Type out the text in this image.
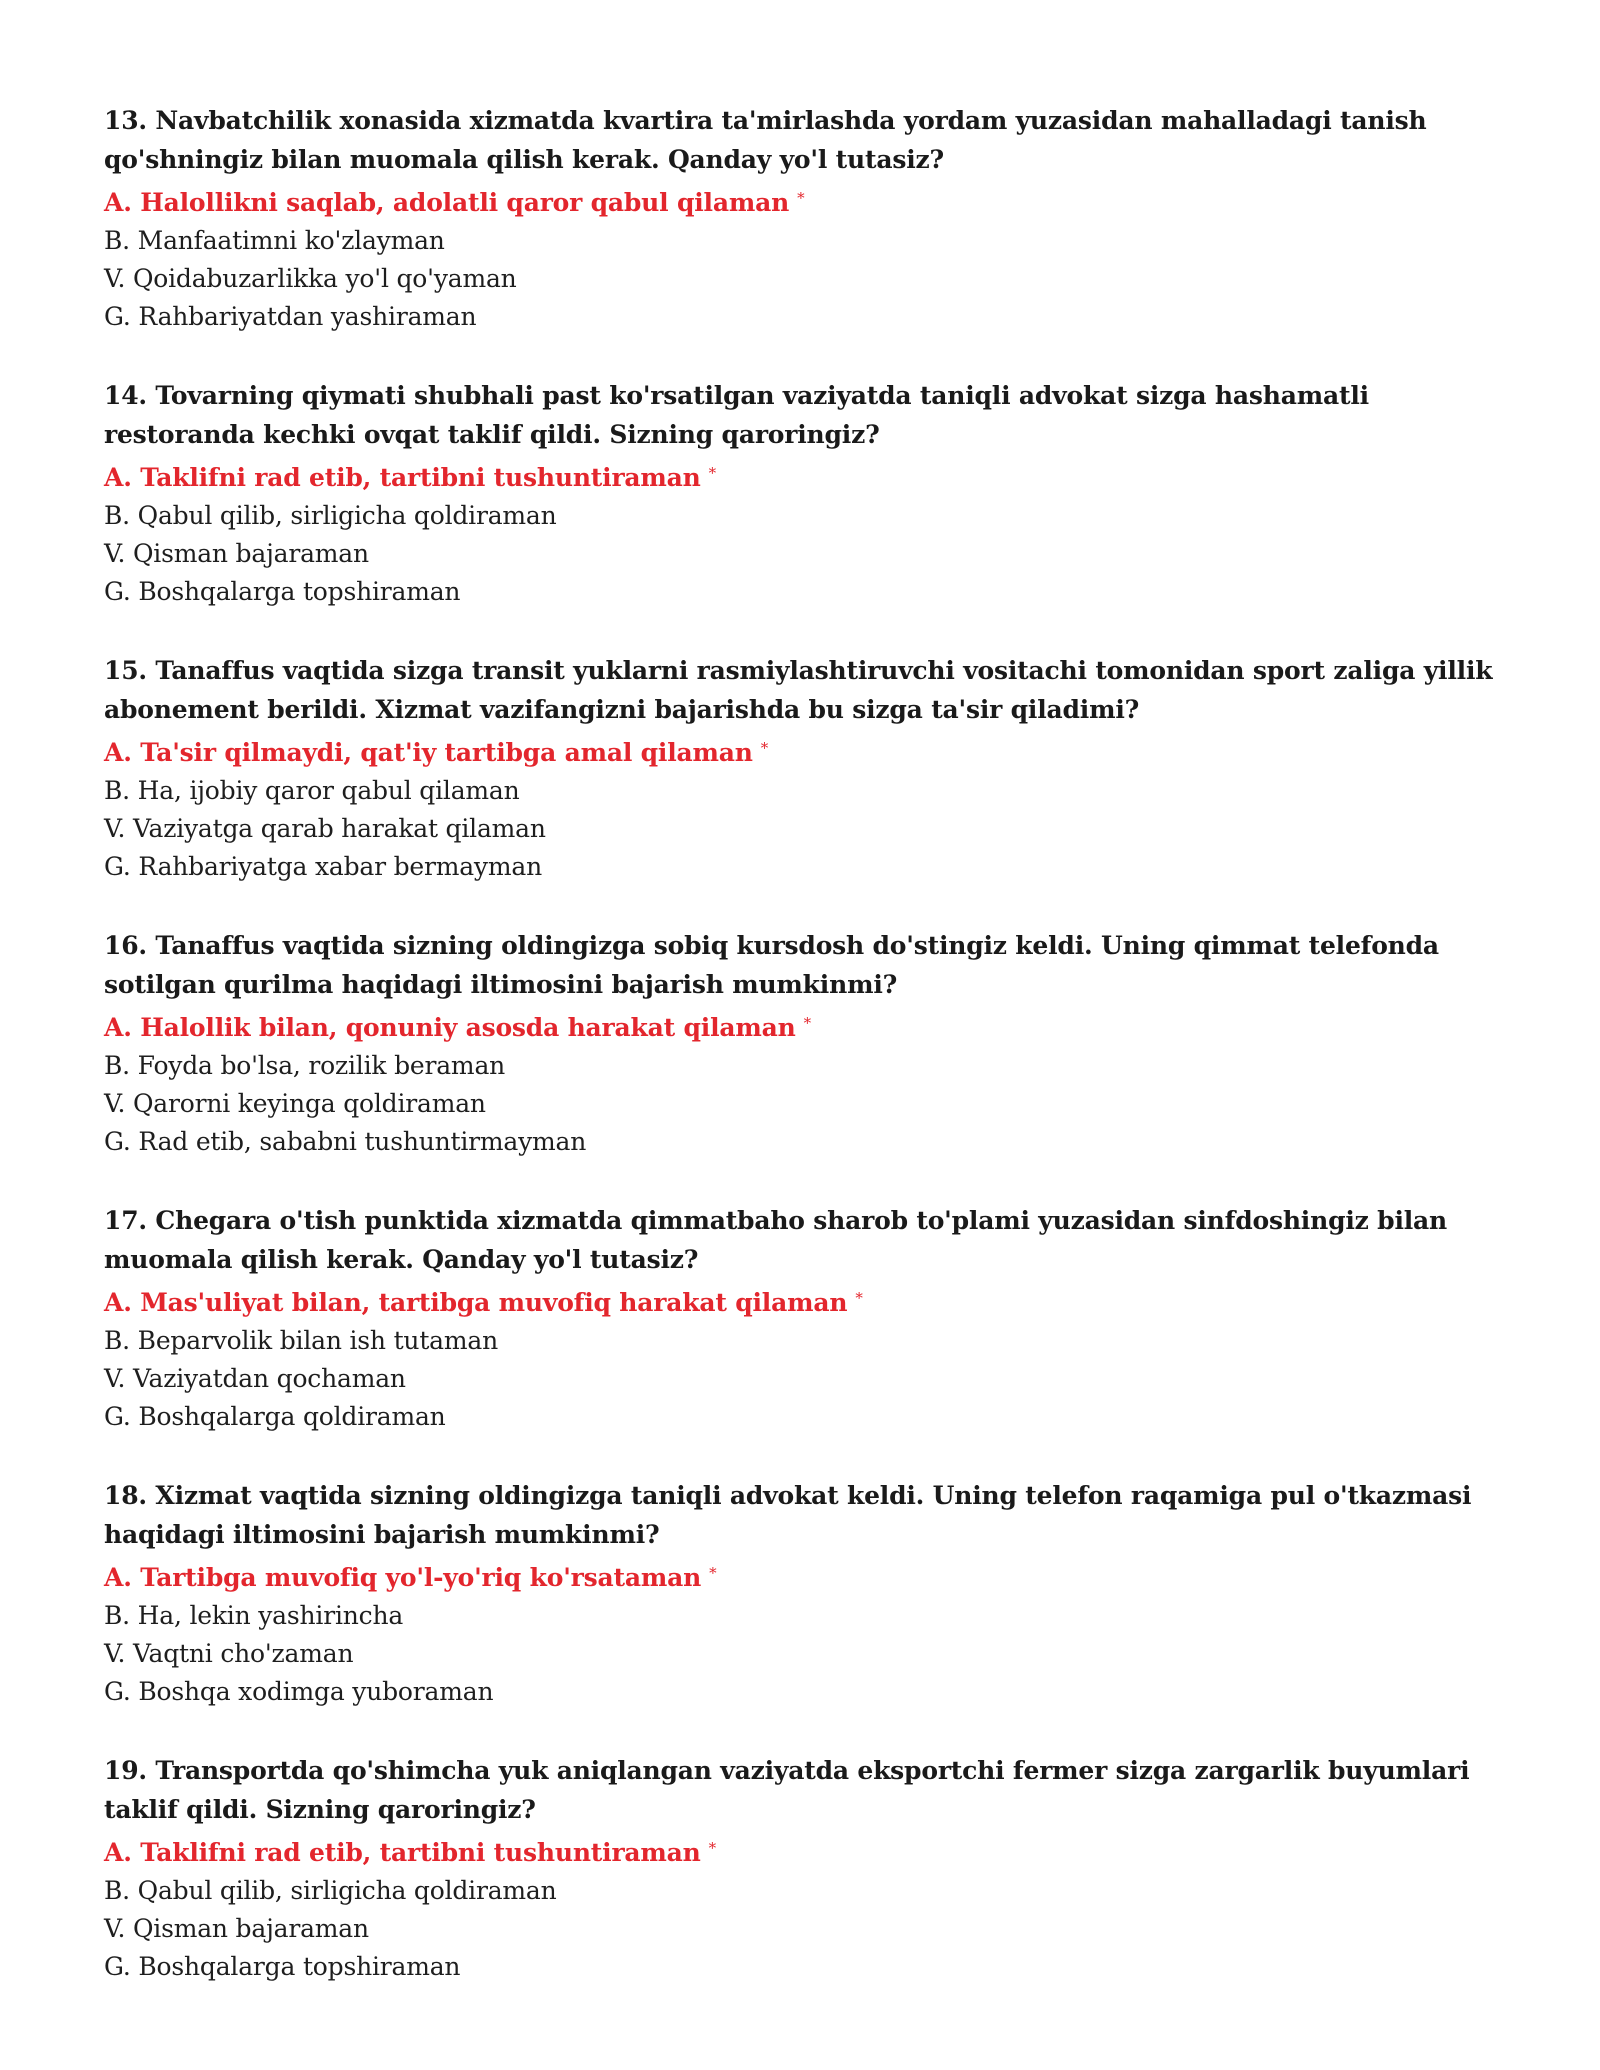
13. Navbatchilik xonasida xizmatda kvartira ta'mirlashda yordam yuzasidan mahalladagi tanish qo'shningiz bilan muomala qilish kerak. Qanday yo'l tutasiz?

A. Halollikni saqlab, adolatli qaror qabul qilaman *

B. Manfaatimni ko'zlayman

V. Qoidabuzarlikka yo'l qo'yaman

G. Rahbariyatdan yashiraman

14. Tovarning qiymati shubhali past ko'rsatilgan vaziyatda taniqli advokat sizga hashamatli restoranda kechki ovqat taklif qildi. Sizning qaroringiz?

A. Taklifni rad etib, tartibni tushuntiraman *

B. Qabul qilib, sirligicha qoldiraman

V. Qisman bajaraman

G. Boshqalarga topshiraman

15. Tanaffus vaqtida sizga transit yuklarni rasmiylashtiruvchi vositachi tomonidan sport zaliga yillik abonement berildi. Xizmat vazifangizni bajarishda bu sizga ta'sir qiladimi?

A. Ta'sir qilmaydi, qat'iy tartibga amal qilaman *

B. Ha, ijobiy qaror qabul qilaman

V. Vaziyatga qarab harakat qilaman

G. Rahbariyatga xabar bermayman

16. Tanaffus vaqtida sizning oldingizga sobiq kursdosh do'stingiz keldi. Uning qimmat telefonda sotilgan qurilma haqidagi iltimosini bajarish mumkinmi?

A. Halollik bilan, qonuniy asosda harakat qilaman *

B. Foyda bo'lsa, rozilik beraman

V. Qarorni keyinga qoldiraman

G. Rad etib, sababni tushuntirmayman

17. Chegara o'tish punktida xizmatda qimmatbaho sharob to'plami yuzasidan sinfdoshingiz bilan muomala qilish kerak. Qanday yo'l tutasiz?

A. Mas'uliyat bilan, tartibga muvofiq harakat qilaman *

B. Beparvolik bilan ish tutaman

V. Vaziyatdan qochaman

G. Boshqalarga qoldiraman

18. Xizmat vaqtida sizning oldingizga taniqli advokat keldi. Uning telefon raqamiga pul o'tkazmasi haqidagi iltimosini bajarish mumkinmi?

A. Tartibga muvofiq yo'l-yo'riq ko'rsataman *

B. Ha, lekin yashirincha

V. Vaqtni cho'zaman

G. Boshqa xodimga yuboraman

19. Transportda qo'shimcha yuk aniqlangan vaziyatda eksportchi fermer sizga zargarlik buyumlari taklif qildi. Sizning qaroringiz?

A. Taklifni rad etib, tartibni tushuntiraman *

B. Qabul qilib, sirligicha qoldiraman

V. Qisman bajaraman

G. Boshqalarga topshiraman
